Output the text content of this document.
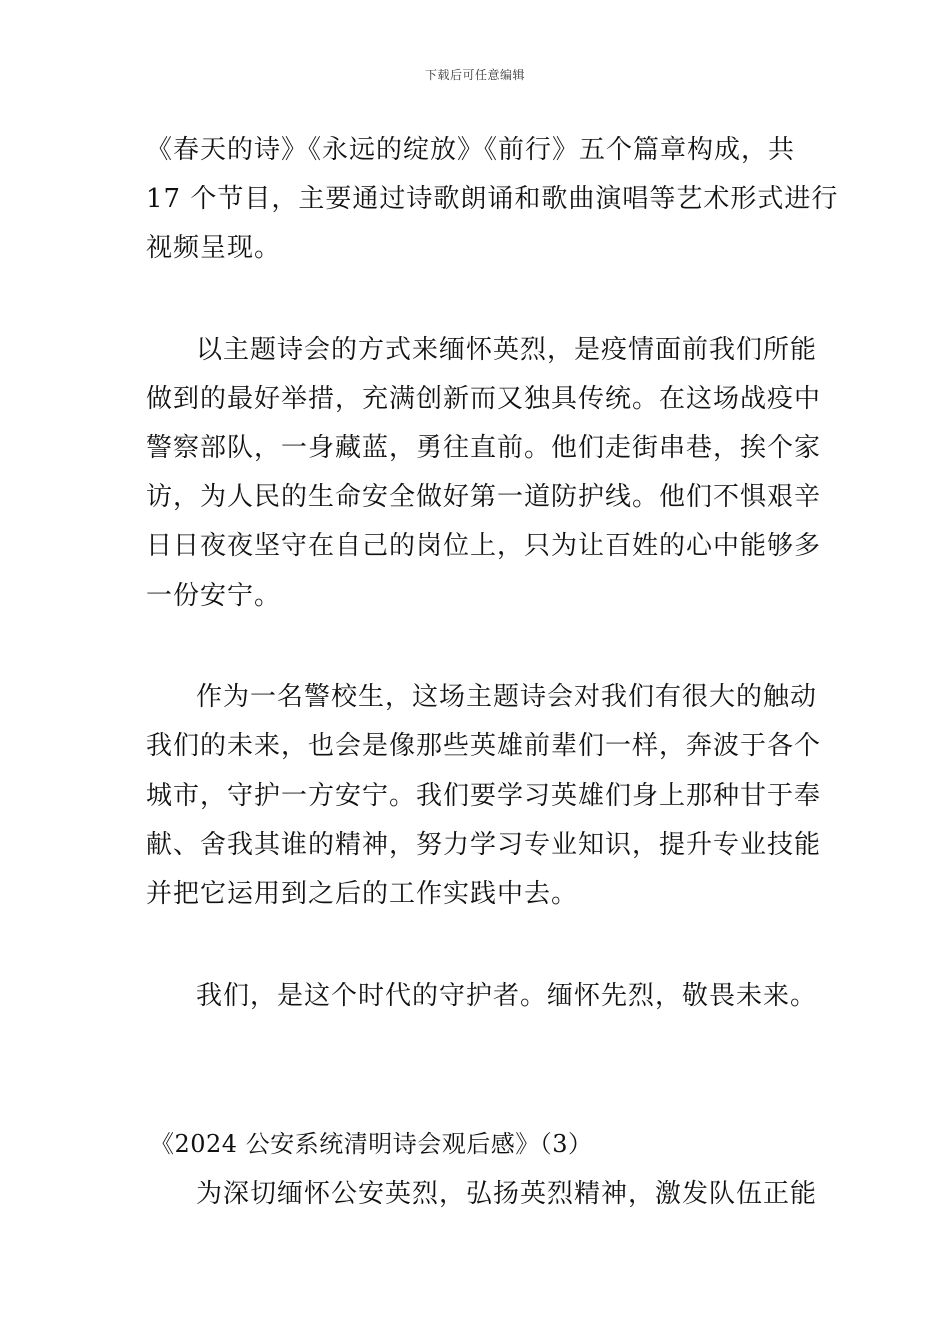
下载后可任意编辑
《春天的诗》《永远的绽放》《前行》五个篇章构成，共
17 个节目，主要通过诗歌朗诵和歌曲演唱等艺术形式进行
视频呈现。
以主题诗会的方式来缅怀英烈，是疫情面前我们所能
做到的最好举措，充满创新而又独具传统。在这场战疫中
警察部队，一身藏蓝，勇往直前。他们走街串巷，挨个家
访，为人民的生命安全做好第一道防护线。他们不惧艰辛
日日夜夜坚守在自己的岗位上，只为让百姓的心中能够多
一份安宁。
作为一名警校生，这场主题诗会对我们有很大的触动
我们的未来，也会是像那些英雄前辈们一样，奔波于各个
城市，守护一方安宁。我们要学习英雄们身上那种甘于奉
献、舍我其谁的精神，努力学习专业知识，提升专业技能
并把它运用到之后的工作实践中去。
我们，是这个时代的守护者。缅怀先烈，敬畏未来。
《2024 公安系统清明诗会观后感》（3）
为深切缅怀公安英烈，弘扬英烈精神，激发队伍正能
